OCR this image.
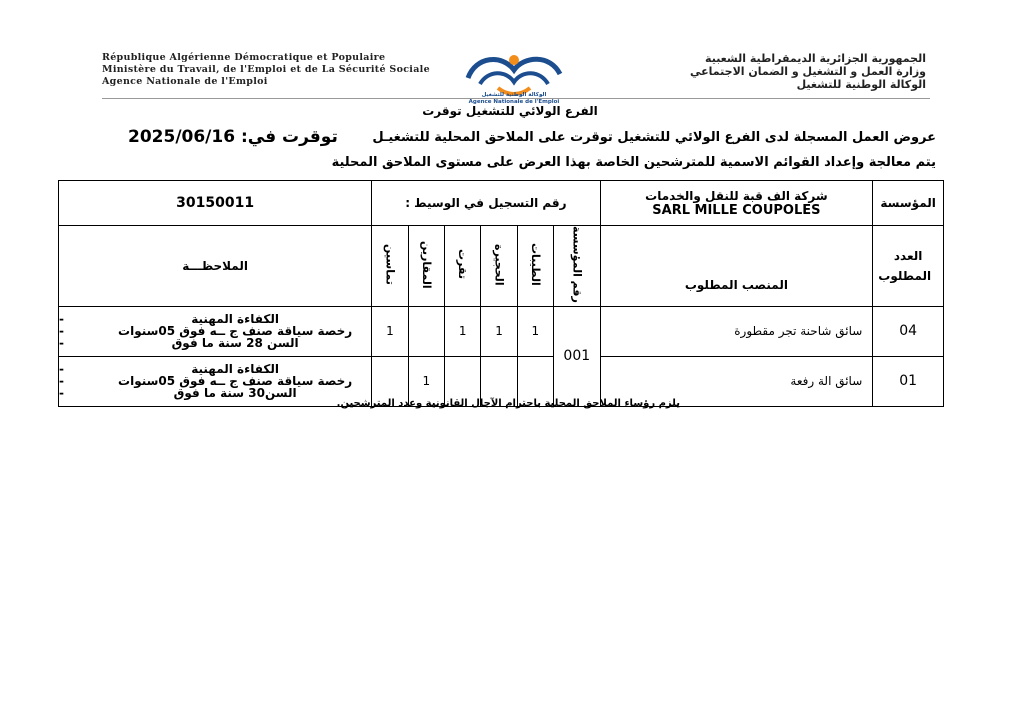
République Algérienne Démocratique et Populaire
Ministère du Travail, de l'Emploi et de La Sécurité Sociale
Agence Nationale de l'Emploi
الوكالة الوطنية للتشغيل
Agence Nationale de l'Emploi
الجمهورية الجزائرية الديمقراطية الشعبية
وزارة العمل و التشغيل و الضمان الاجتماعي
الوكالة الوطنية للتشغيل
الفرع الولائي للتشغيل توقرت
توقرت في: 2025/06/16	عروض العمل المسجلة لدى الفرع الولائي للتشغيل توقرت على الملاحق المحلية للتشغيـل
يتم معالجة وإعداد القوائم الاسمية للمترشحين الخاصة بهذا العرض على مستوى الملاحق المحلية
المؤسسة	شركة الف قبة للنقل والخدمات
SARL MILLE COUPOLES	رقم التسجيل في الوسيط :						30150011

العدد المطلوب	المنصب المطلوب	رقم المؤسسة	الطيبات	الحجيرة	تقرت	المقارين	تماسين	الملاحظـــة
04	سائق شاحنة تجر مقطورة	001	1	1	1		1	- الكفاءة المهنية
- رخصة سياقة صنف ج ــه فوق 05سنوات
- السن 28 سنة ما فوق

01	سائق الة رفعة					1		- الكفاءة المهنية
- رخصة سياقة صنف ج ــه فوق 05سنوات
- السن30 سنة ما فوق
يلزم رؤساء الملاحق المحلية باحترام الآجال القانونية وعدد المترشحين.
